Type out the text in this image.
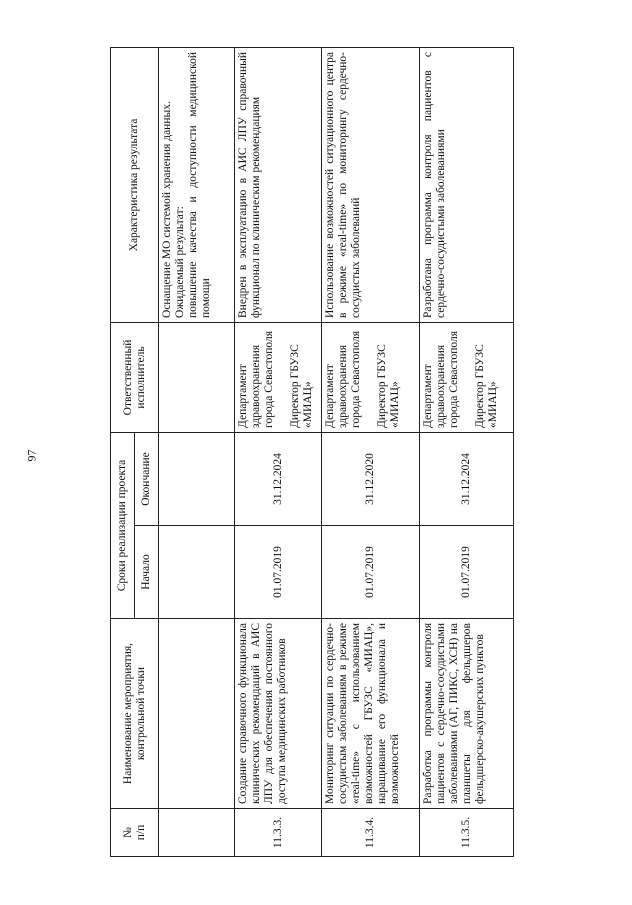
97
№ п/п	Наименование мероприятия, контрольной точки	Сроки реализации проекта		Ответственный исполнитель	Характеристика результата
		Начало	Окончание		

					Оснащение МО системой хранения данных. Ожидаемый результат: повышение качества и доступности медицинской помощи

11.3.3.	Создание справочного функционала клинических рекомендаций в АИС ЛПУ для обеспечения постоянного доступа медицинских работников	01.07.2019	31.12.2024	Департамент здравоохранения города Севастополя Директор ГБУЗС «МИАЦ»	Внедрен в эксплуатацию в АИС ЛПУ справочный функционал по клиническим рекомендациям

11.3.4.	Мониторинг ситуации по сердечно-сосудистым заболеваниям в режиме «real-time» с использованием возможностей ГБУЗС «МИАЦ», наращивание его функционала и возможностей	01.07.2019	31.12.2020	Департамент здравоохранения города Севастополя Директор ГБУЗС «МИАЦ»	Использование возможностей ситуационного центра в режиме «real-time» по мониторингу сердечно-сосудистых заболеваний

11.3.5.	Разработка программы контроля пациентов с сердечно-сосудистыми заболеваниями (АГ, ПИКС, ХСН) на планшеты для фельдшеров фельдшерско-акушерских пунктов	01.07.2019	31.12.2024	Департамент здравоохранения города Севастополя Директор ГБУЗС «МИАЦ»	Разработана программа контроля пациентов с сердечно-сосудистыми заболеваниями
